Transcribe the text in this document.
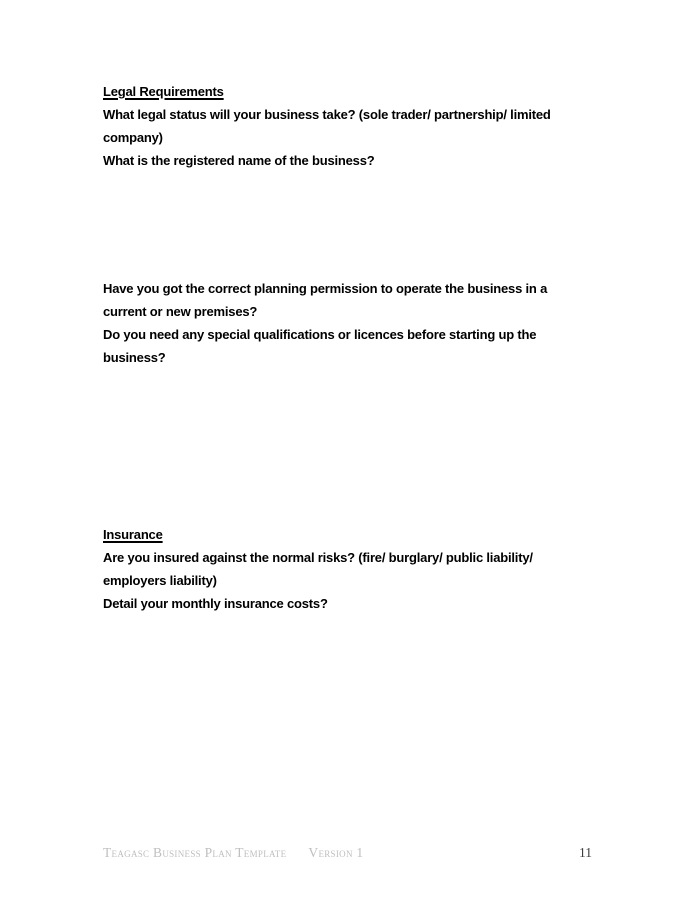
Legal Requirements
What legal status will your business take? (sole trader/ partnership/ limited
company)
What is the registered name of the business?
Have you got the correct planning permission to operate the business in a
current or new premises?
Do you need any special qualifications or licences before starting up the
business?
Insurance
Are you insured against the normal risks? (fire/ burglary/ public liability/
employers liability)
Detail your monthly insurance costs?
Teagasc Business Plan Template Version 1	11
